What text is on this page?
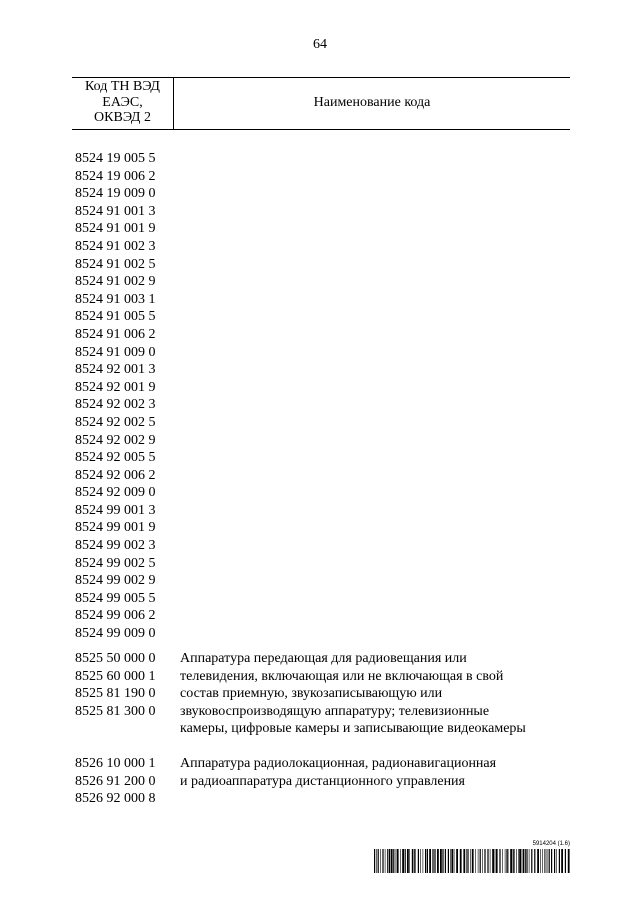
64
Код ТН ВЭД
ЕАЭС,
ОКВЭД 2
Наименование кода
8524 19 005 5
8524 19 006 2
8524 19 009 0
8524 91 001 3
8524 91 001 9
8524 91 002 3
8524 91 002 5
8524 91 002 9
8524 91 003 1
8524 91 005 5
8524 91 006 2
8524 91 009 0
8524 92 001 3
8524 92 001 9
8524 92 002 3
8524 92 002 5
8524 92 002 9
8524 92 005 5
8524 92 006 2
8524 92 009 0
8524 99 001 3
8524 99 001 9
8524 99 002 3
8524 99 002 5
8524 99 002 9
8524 99 005 5
8524 99 006 2
8524 99 009 0
8525 50 000 0
8525 60 000 1
8525 81 190 0
8525 81 300 0
Аппаратура передающая для радиовещания или
телевидения, включающая или не включающая в свой
состав приемную, звукозаписывающую или
звуковоспроизводящую аппаратуру; телевизионные
камеры, цифровые камеры и записывающие видеокамеры
8526 10 000 1
8526 91 200 0
8526 92 000 8
Аппаратура радиолокационная, радионавигационная
и радиоаппаратура дистанционного управления
5914204 (1.6)
